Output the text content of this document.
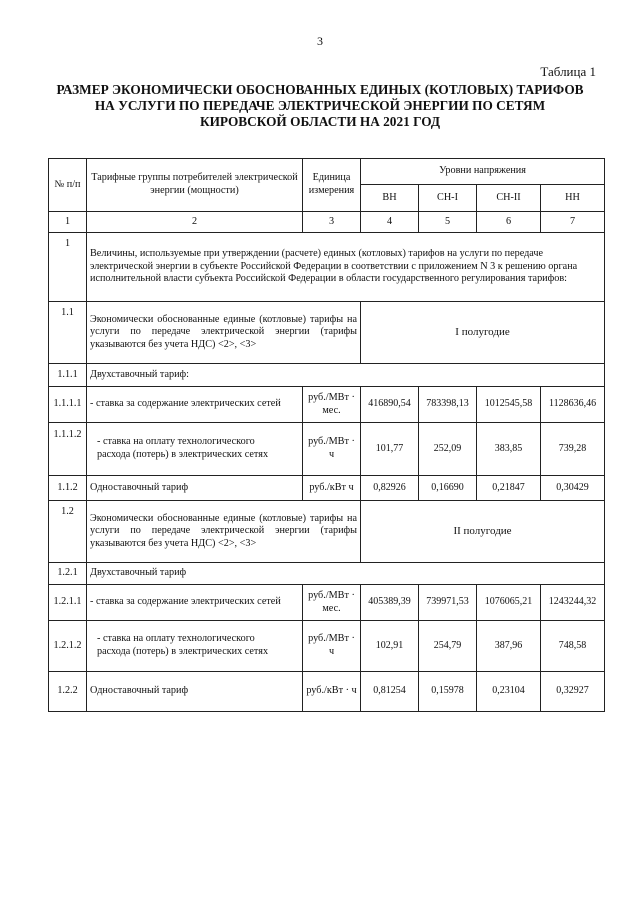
3
Таблица 1
РАЗМЕР ЭКОНОМИЧЕСКИ ОБОСНОВАННЫХ ЕДИНЫХ (КОТЛОВЫХ) ТАРИФОВ
НА УСЛУГИ ПО ПЕРЕДАЧЕ ЭЛЕКТРИЧЕСКОЙ ЭНЕРГИИ ПО СЕТЯМ
КИРОВСКОЙ ОБЛАСТИ НА 2021 ГОД
№ п/п	Тарифные группы потребителей электрической энергии (мощности)	Единица измерения	Уровни напряжения			
			ВН	СН-I	СН-II	НН
1	2	3	4	5	6	7
1	Величины, используемые при утверждении (расчете) единых (котловых) тарифов на услуги по передаче электрической энергии в субъекте Российской Федерации в соответствии с приложением N 3 к решению органа исполнительной власти субъекта Российской Федерации в области государственного регулирования тарифов:					
1.1	Экономически обоснованные единые (котловые) тарифы на услуги по передаче электрической энергии (тарифы указываются без учета НДС) <2>, <3>		I полугодие			
1.1.1	Двухставочный тариф:					
1.1.1.1	- ставка за содержание электрических сетей	руб./МВт · мес.	416890,54	783398,13	1012545,58	1128636,46
1.1.1.2	- ставка на оплату технологического расхода (потерь) в электрических сетях	руб./МВт · ч	101,77	252,09	383,85	739,28
1.1.2	Одноставочный тариф	руб./кВт ч	0,82926	0,16690	0,21847	0,30429
1.2	Экономически обоснованные единые (котловые) тарифы на услуги по передаче электрической энергии (тарифы указываются без учета НДС) <2>, <3>		II полугодие			
1.2.1	Двухставочный тариф					
1.2.1.1	- ставка за содержание электрических сетей	руб./МВт · мес.	405389,39	739971,53	1076065,21	1243244,32
1.2.1.2	- ставка на оплату технологического расхода (потерь) в электрических сетях	руб./МВт · ч	102,91	254,79	387,96	748,58
1.2.2	Одноставочный тариф	руб./кВт · ч	0,81254	0,15978	0,23104	0,32927
